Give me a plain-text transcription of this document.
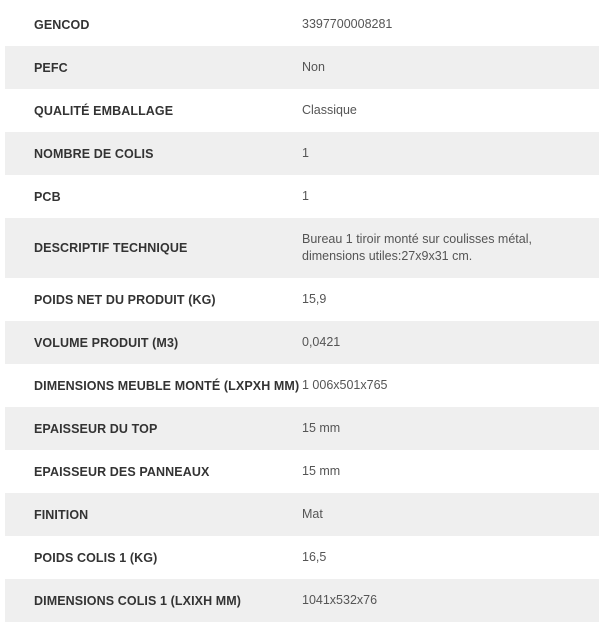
GENCOD	3397700008281
PEFC	Non
QUALITÉ EMBALLAGE	Classique
NOMBRE DE COLIS	1
PCB	1
DESCRIPTIF TECHNIQUE
Bureau 1 tiroir monté sur coulisses métal,
dimensions utiles:27x9x31 cm.
POIDS NET DU PRODUIT (KG)	15,9
VOLUME PRODUIT (M3)	0,0421
DIMENSIONS MEUBLE MONTÉ (LXPXH MM) 1 006x501x765
EPAISSEUR DU TOP	15 mm
EPAISSEUR DES PANNEAUX	15 mm
FINITION	Mat
POIDS COLIS 1 (KG)	16,5
DIMENSIONS COLIS 1 (LXIXH MM)	1041x532x76
